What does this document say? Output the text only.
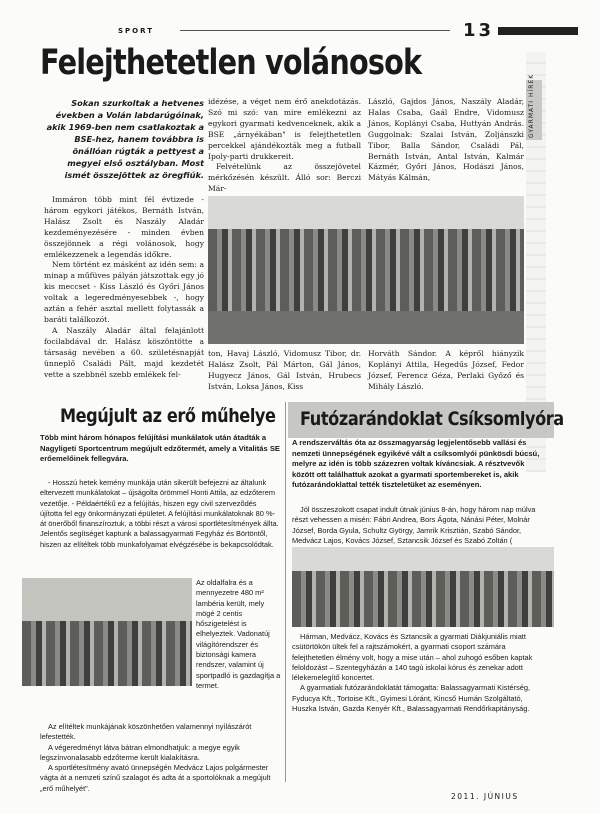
SPORT	13
GYARMATI HÍREK
Felejthetetlen volánosok
Sokan szurkoltak a hetvenes években a Volán labdarúgóinak, akik 1969-ben nem csatlakoztak a BSE-hez, hanem továbbra is önállóan rúgták a pettyest a megyei első osztályban. Most ismét összejöttek az öregfiúk.

Immáron több mint fél évtizede - három egykori játékos, Bernáth István, Halász Zsolt és Naszály Aladár kezdeményezésére - minden évben összejönnek a régi volánosok, hogy emlékezzenek a legendás időkre.

Nem történt ez másként az idén sem: a minap a műfüves pályán játszottak egy jó kis meccset - Kiss László és Győri János voltak a legeredményesebbek -, hogy aztán a fehér asztal mellett folytassák a baráti találkozót.

A Naszály Aladár által felajánlott focilabdával dr. Halász köszöntötte a társaság nevében a 60. születésnapját ünneplő Családi Pált, majd kezdetét vette a szebbnél szebb emlékek fel-

idézése, a véget nem érő anekdotázás. Szó mi szó: van mire emlékezni az egykori gyarmati kedvenceknek, akik a BSE „árnyékában" is felejthetetlen percekkel ajándékozták meg a futball Ipoly-parti drukkereit.

Felvételünk az összejövetel mérkőzésén készült. Álló sor: Berczi Már-

László, Gajdos János, Naszály Aladár, Halas Csaba, Gaál Endre, Vidomusz János, Koplányi Csaba, Huttyán András. Guggolnak: Szalai István, Zoljánszki Tibor, Balla Sándor, Családi Pál, Bernáth István, Antal István, Kalmár Kázmér, Győri János, Hodászi János, Mátyás Kálmán,

ton, Havaj László, Vidomusz Tibor, dr. Halász Zsolt, Pál Márton, Gál János, Hugyecz János, Gál István, Hrubecs István, Loksa János, Kiss

Horváth Sándor. A képről hiányzik Koplányi Attila, Hegedűs József, Fedor József, Ferencz Géza, Perlaki Győző és Mihály László.

Megújult az erő műhelye
Több mint három hónapos felújítási munkálatok után átadták a Nagyligeti Sportcentrum megújult edzőtermét, amely a Vitalitás SE erőemelőinek fellegvára.

- Hosszú hetek kemény munkája után sikerült befejezni az általunk eltervezett munkálatokat – újságolta örömmel Honti Attila, az edzőterem vezetője. - Példaértékű ez a felújítás, hiszen egy civil szervezõdés újította fel egy önkormányzati épületet. A felújítási munkálatoknak 80 %-át önerőből finanszíroztuk, a többi részt a városi sportlétesítmények állta. Jelentős segítséget kaptunk a balassagyarmati Fegyház és Börtöntől, hiszen az elítéltek több munkafolyamat elvégzésébe is bekapcsolódtak.

Az oldalfalra és a mennyezetre 480 m² lambéria került, mely mögé 2 centis hőszigetelést is elhelyeztek. Vadonatúj világítórendszer és biztonsági kamera rendszer, valamint új sportpadló is gazdagítja a termet.

Az elítéltek munkájának köszönhetően valamennyi nyílászárót lefestették.

A végeredményt látva bátran elmondhatjuk: a megye egyik legszínvonalasabb edzőterme került kialakításra.

A sportlétesítmény avató ünnepségén Medvácz Lajos polgármester vágta át a nemzeti színű szalagot és adta át a sportolóknak a megújult „erő műhelyét".

Futózarándoklat Csíksomlyóra
A rendszerváltás óta az összmagyarság legjelentősebb vallási és nemzeti ünnepségének egyikévé vált a csíksomlyói pünkösdi búcsú, melyre az idén is több százezren voltak kíváncsiak. A résztvevők között ott találhattuk azokat a gyarmati sportembereket is, akik futózarándoklattal tették tiszteletüket az eseményen.

Jól összeszokott csapat indult útnak június 8-án, hogy három nap múlva részt vehessen a misén: Fábri Andrea, Bors Ágota, Nánási Péter, Molnár József, Borda Gyula, Schultz György, Jamrik Krisztián, Szabó Sándor, Medvácz Lajos, Kovács József, Sztancsik József és Szabó Zoltán (

Hárman, Medvácz, Kovács és Sztancsik a gyarmati Diákjuniális miatt csütörtökön ültek fel a rajtszámokért, a gyarmati csoport számára felejthetetlen élmény volt, hogy a mise után – ahol zuhogó esőben kaptak feloldozást – Szentegyházán a 140 tagú iskolai kórus és zenekar adott lélekemelegítő koncertet.

A gyarmatiak futózarándoklatát támogatta: Balassagyarmati Kistérség, Fyducya Kft., Tortoise Kft., Gyimesi Lóránt, Kincső Humán Szolgáltató, Huszka István, Gazda Kenyér Kft., Balassagyarmati Rendőrkapitányság.

2011. JÚNIUS
